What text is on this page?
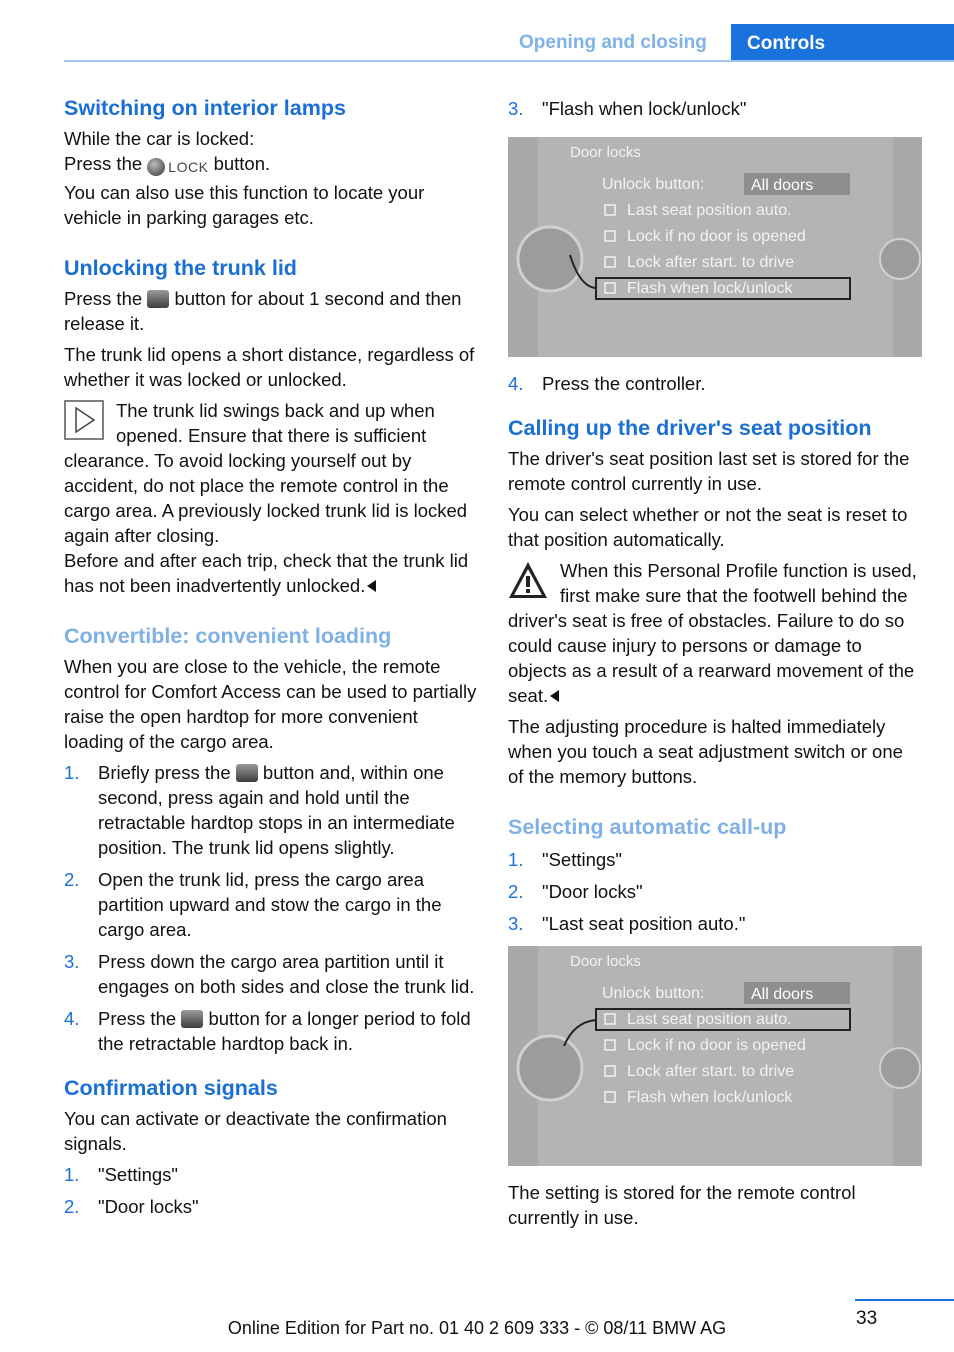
Opening and closing Controls
Switching on interior lamps

While the car is locked:

Press the LOCK button.

You can also use this function to locate your vehicle in parking garages etc.

Unlocking the trunk lid

Press the button for about 1 second and then release it.

The trunk lid opens a short distance, regardless of whether it was locked or unlocked.

The trunk lid swings back and up when opened. Ensure that there is sufficient clearance. To avoid locking yourself out by accident, do not place the remote control in the cargo area. A previously locked trunk lid is locked again after closing.
Before and after each trip, check that the trunk lid has not been inadvertently unlocked.
Convertible: convenient loading

When you are close to the vehicle, the remote control for Comfort Access can be used to partially raise the open hardtop for more convenient loading of the cargo area.

1. Briefly press the button and, within one second, press again and hold until the retractable hardtop stops in an intermediate position. The trunk lid opens slightly.
2. Open the trunk lid, press the cargo area partition upward and stow the cargo in the cargo area.
3. Press down the cargo area partition until it engages on both sides and close the trunk lid.
4. Press the button for a longer period to fold the retractable hardtop back in.
Confirmation signals

You can activate or deactivate the confirmation signals.

1. "Settings"
2. "Door locks"
3. "Flash when lock/unlock"
Door locks
Unlock button:	All doors
Last seat position auto.
Lock if no door is opened
Lock after start. to drive
Flash when lock/unlock
4. Press the controller.
Calling up the driver's seat position

The driver's seat position last set is stored for the remote control currently in use.

You can select whether or not the seat is reset to that position automatically.

When this Personal Profile function is used, first make sure that the footwell behind the driver's seat is free of obstacles. Failure to do so could cause injury to persons or damage to objects as a result of a rearward movement of the seat.

The adjusting procedure is halted immediately when you touch a seat adjustment switch or one of the memory buttons.

Selecting automatic call-up
1. "Settings"
2. "Door locks"
3. "Last seat position auto."
Door locks
Unlock button:	All doors
Last seat position auto.
Lock if no door is opened
Lock after start. to drive
Flash when lock/unlock

The setting is stored for the remote control currently in use.

33
Online Edition for Part no. 01 40 2 609 333 - © 08/11 BMW AG
